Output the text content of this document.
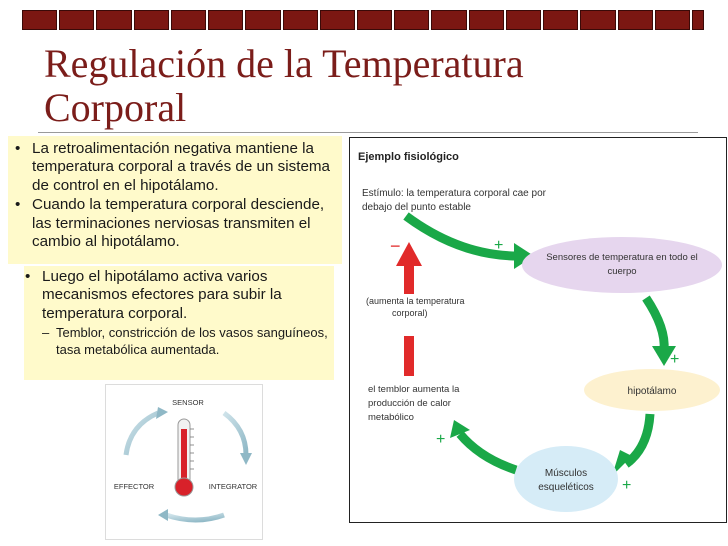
Regulación de la Temperatura
Corporal
• La retroalimentación negativa mantiene la temperatura corporal a través de un sistema de control en el hipotálamo.
• Cuando la temperatura corporal desciende, las terminaciones nerviosas transmiten el cambio al hipotálamo.
• Luego el hipotálamo activa varios mecanismos efectores para subir la temperatura corporal.
– Temblor, constricción de los vasos sanguíneos, tasa metabólica aumentada.
SENSOR
EFFECTOR	INTEGRATOR
Ejemplo fisiológico
Estímulo: la temperatura corporal cae por
debajo del punto estable
−
(aumenta la temperatura
corporal)
+
Sensores de temperatura en todo el
cuerpo
+
hipotálamo
+
Músculos
esqueléticos
+
el temblor aumenta la
producción de calor
metabólico
